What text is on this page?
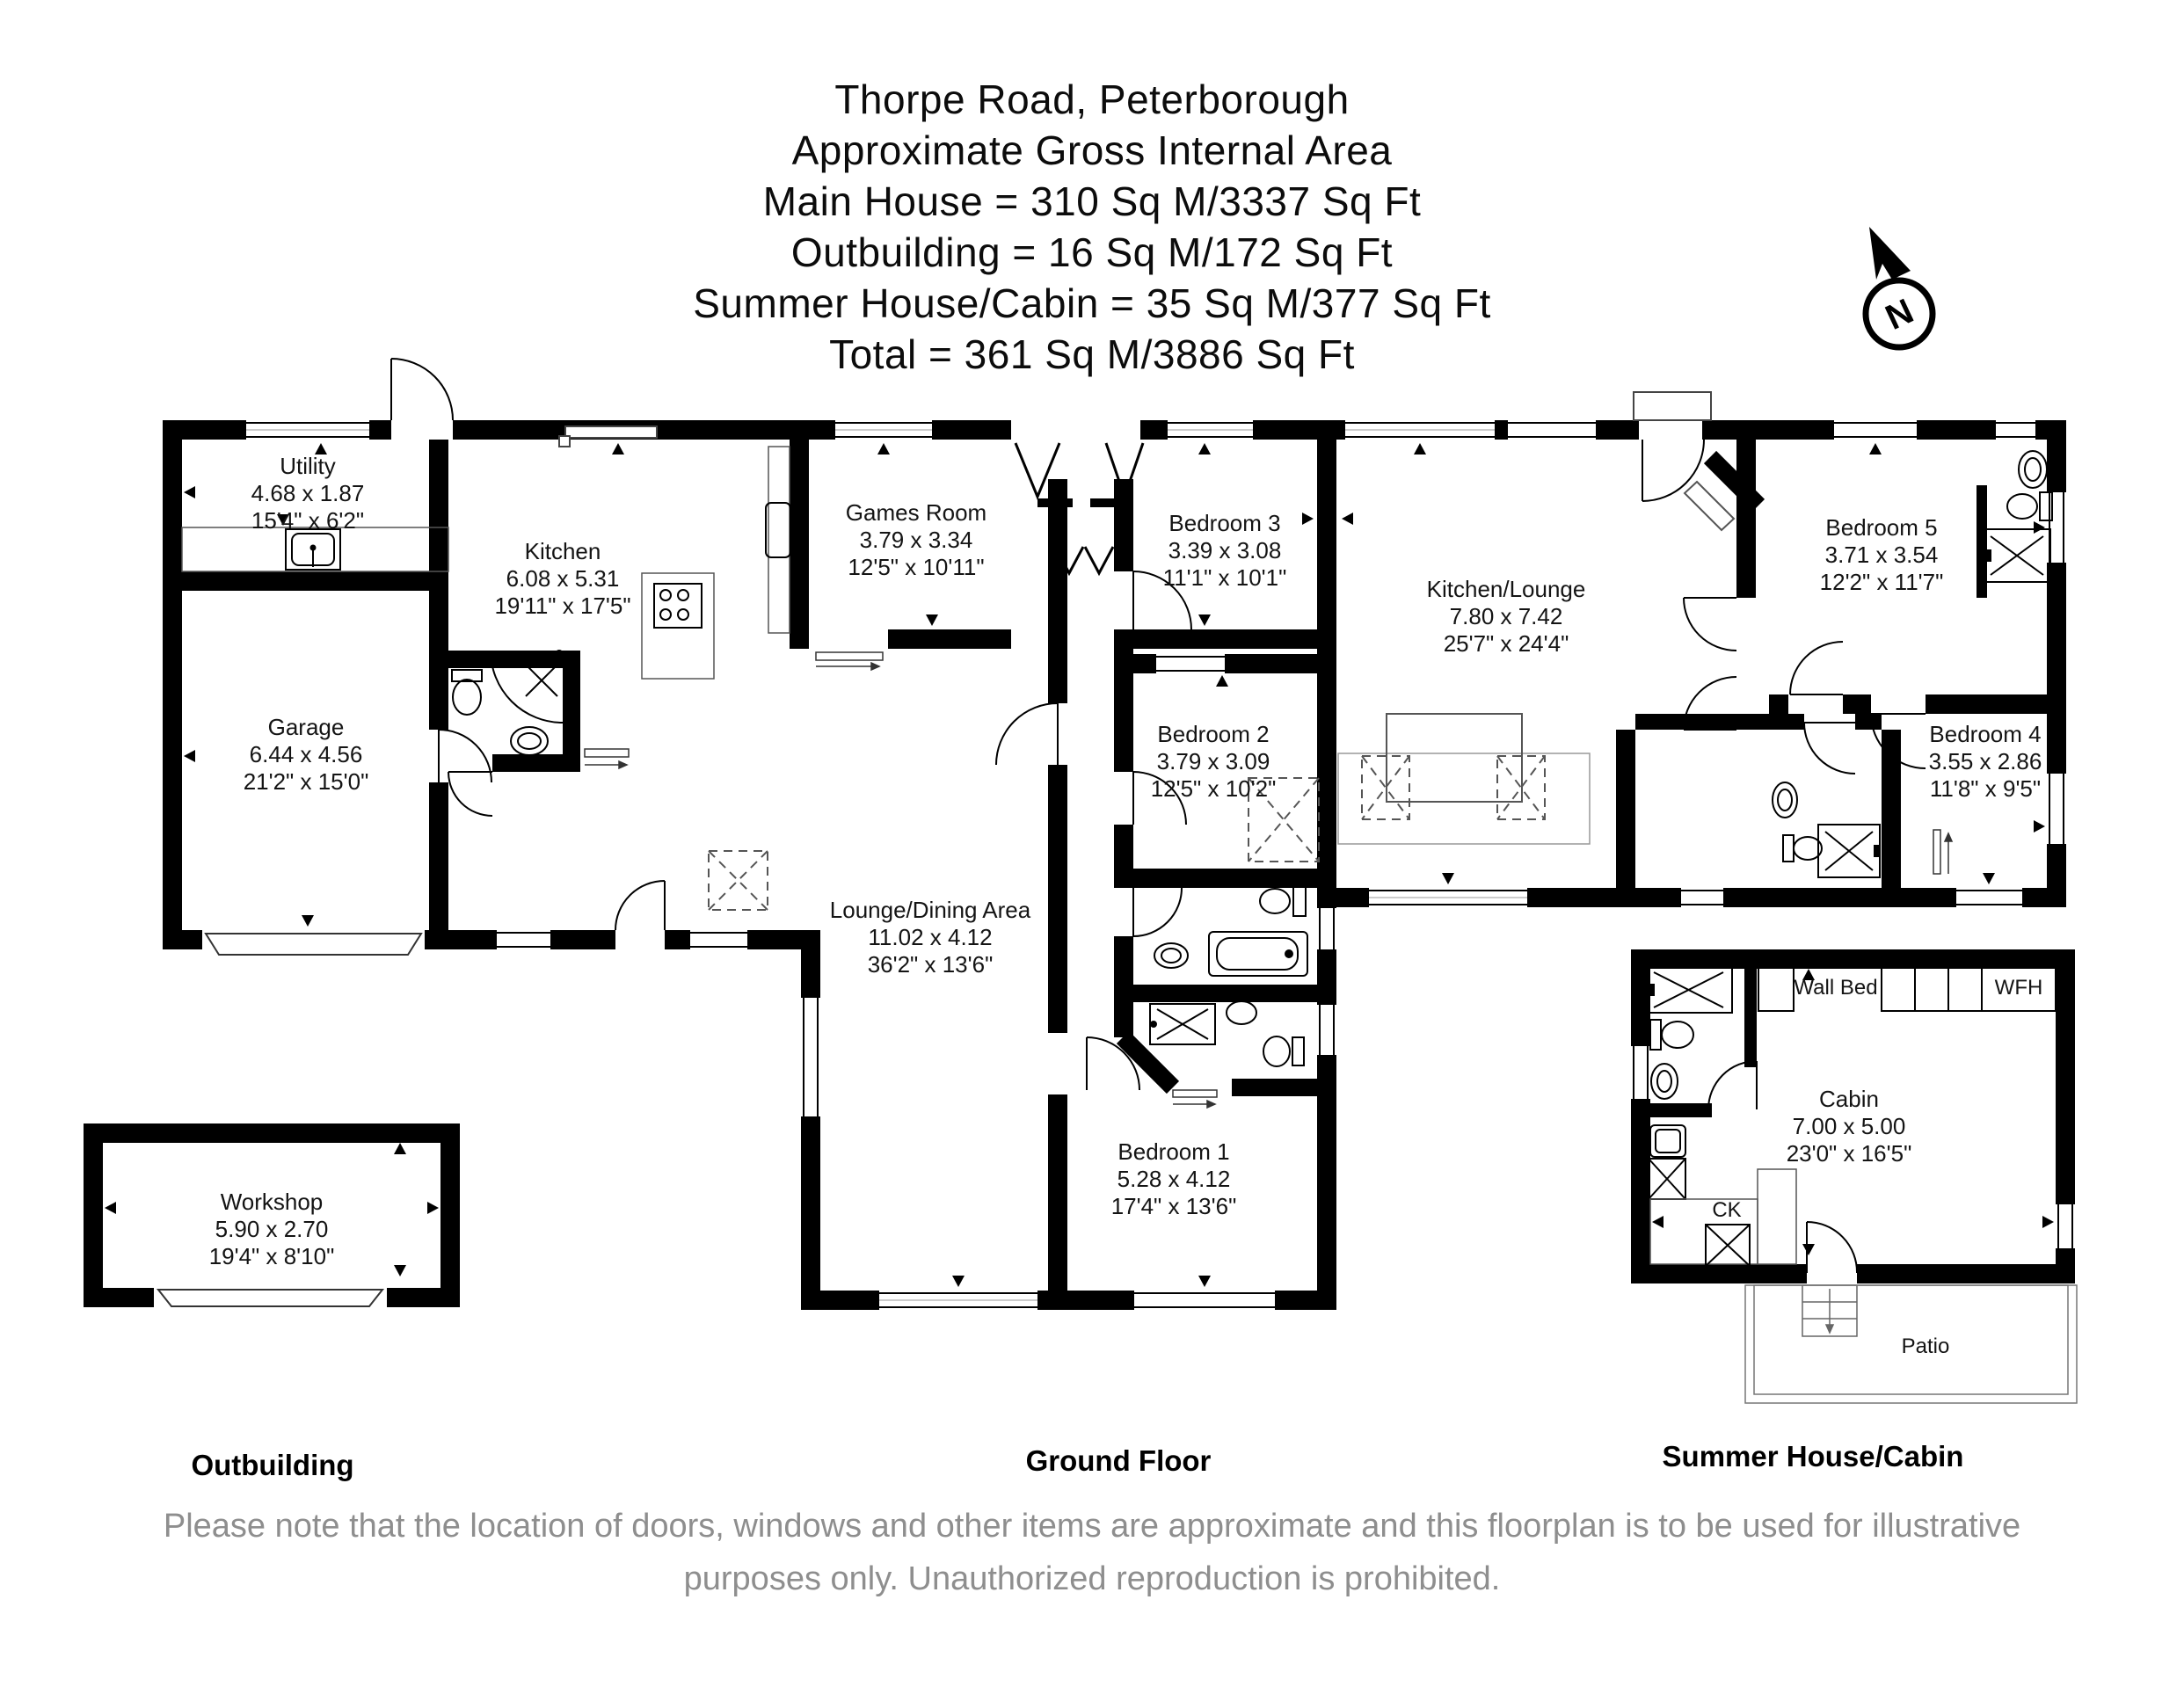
N
Thorpe Road, Peterborough
Approximate Gross Internal Area
Main House = 310 Sq M/3337 Sq Ft
Outbuilding = 16 Sq M/172 Sq Ft
Summer House/Cabin = 35 Sq M/377 Sq Ft
Total = 361 Sq M/3886 Sq Ft
Utility
4.68 x 1.87
15'4" x 6'2"
Kitchen
6.08 x 5.31
19'11" x 17'5"
Garage
6.44 x 4.56
21'2" x 15'0"
Games Room
3.79 x 3.34
12'5" x 10'11"
Bedroom 3
3.39 x 3.08
11'1" x 10'1"	Kitchen/Lounge
7.80 x 7.42
25'7" x 24'4"
Bedroom 5
3.71 x 3.54
12'2" x 11'7"
Bedroom 2
3.79 x 3.09
12'5" x 10'2"
Bedroom 4
3.55 x 2.86
11'8" x 9'5"
Lounge/Dining Area
11.02 x 4.12
36'2" x 13'6"
Bedroom 1
5.28 x 4.12
17'4" x 13'6"
Workshop
5.90 x 2.70
19'4" x 8'10"
Cabin
7.00 x 5.00
23'0" x 16'5"
Wall Bed	WFH
CK
Patio
Outbuilding	Ground Floor	Summer House/Cabin
Please note that the location of doors, windows and other items are approximate and this floorplan is to be used for illustrative
purposes only. Unauthorized reproduction is prohibited.
